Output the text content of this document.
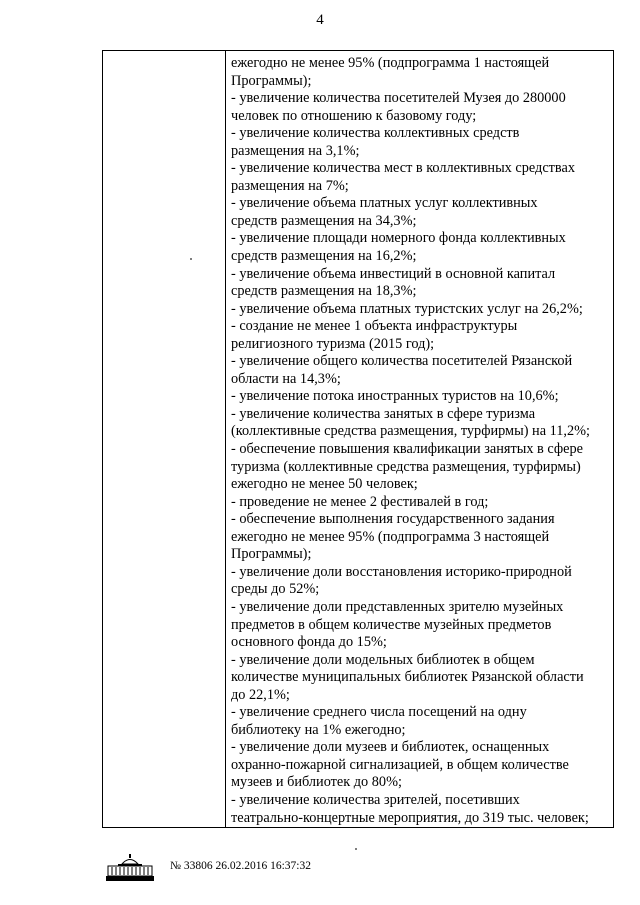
4
ежегодно не менее 95% (подпрограмма 1 настоящей
Программы);
- увеличение количества посетителей Музея до 280000
человек по отношению к базовому году;
- увеличение количества коллективных средств
размещения на 3,1%;
- увеличение количества мест в коллективных средствах
размещения на 7%;
- увеличение объема платных услуг коллективных
средств размещения на 34,3%;
- увеличение площади номерного фонда коллективных
средств размещения на 16,2%;
- увеличение объема инвестиций в основной капитал
средств размещения на 18,3%;
- увеличение объема платных туристских услуг на 26,2%;
- создание не менее 1 объекта инфраструктуры
религиозного туризма (2015 год);
- увеличение общего количества посетителей Рязанской
области на 14,3%;
- увеличение потока иностранных туристов на 10,6%;
- увеличение количества занятых в сфере туризма
(коллективные средства размещения, турфирмы) на 11,2%;
- обеспечение повышения квалификации занятых в сфере
туризма (коллективные средства размещения, турфирмы)
ежегодно не менее 50 человек;
- проведение не менее 2 фестивалей в год;
- обеспечение выполнения государственного задания
ежегодно не менее 95% (подпрограмма 3 настоящей
Программы);
- увеличение доли восстановления историко-природной
среды до 52%;
- увеличение доли представленных зрителю музейных
предметов в общем количестве музейных предметов
основного фонда до 15%;
- увеличение доли модельных библиотек в общем
количестве муниципальных библиотек Рязанской области
до 22,1%;
- увеличение среднего числа посещений на одну
библиотеку на 1% ежегодно;
- увеличение доли музеев и библиотек, оснащенных
охранно-пожарной сигнализацией, в общем количестве
музеев и библиотек до 80%;
- увеличение количества зрителей, посетивших
театрально-концертные мероприятия, до 319 тыс. человек;
№ 33806 26.02.2016 16:37:32
